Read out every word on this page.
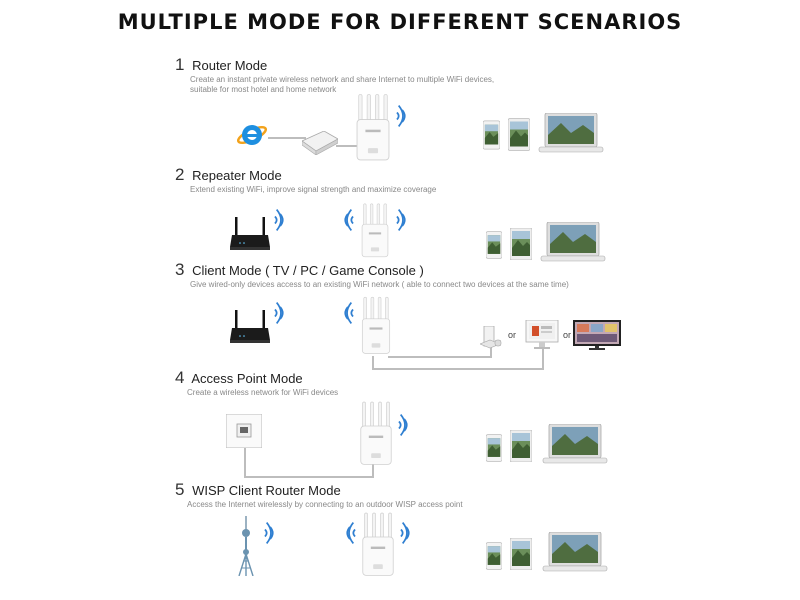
MULTIPLE MODE FOR DIFFERENT SCENARIOS
1 Router Mode
Create an instant private wireless network and share Internet to multiple WiFi devices,
suitable for most hotel and home network
2 Repeater Mode
Extend existing WiFi, improve signal strength and maximize coverage
3 Client Mode ( TV / PC / Game Console )
Give wired-only devices access to an existing WiFi network ( able to connect two devices at the same time)
or	or
4 Access Point Mode
Create a wireless network for WiFi devices
5 WISP Client Router Mode
Access the Internet wirelessly by connecting to an outdoor WISP access point
